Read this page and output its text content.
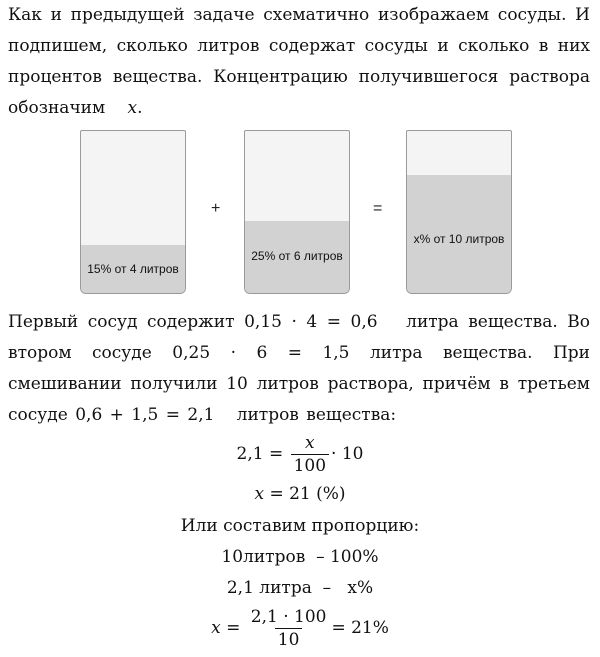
Как и предыдущей задаче схематично изображаем сосуды. И подпишем, сколько литров содержат сосуды и сколько в них процентов вещества. Концентрацию получившегося раствора обозначим x.
15% от 4 литров
+
25% от 6 литров
=
x% от 10 литров
Первый сосуд содержит 0,15 · 4 = 0,6 литра вещества. Во втором сосуде 0,25 · 6 = 1,5 литра вещества. При смешивании получили 10 литров раствора, причём в третьем сосуде 0,6 + 1,5 = 2,1 литров вещества:
$2,1 = \frac{x}{100} \cdot 10$
x = 21 (%)
Или составим пропорцию:
10литров  – 100%
2,1 литра  –   x%
$x = \frac{2,1 \cdot 100}{10} = 21\%$
